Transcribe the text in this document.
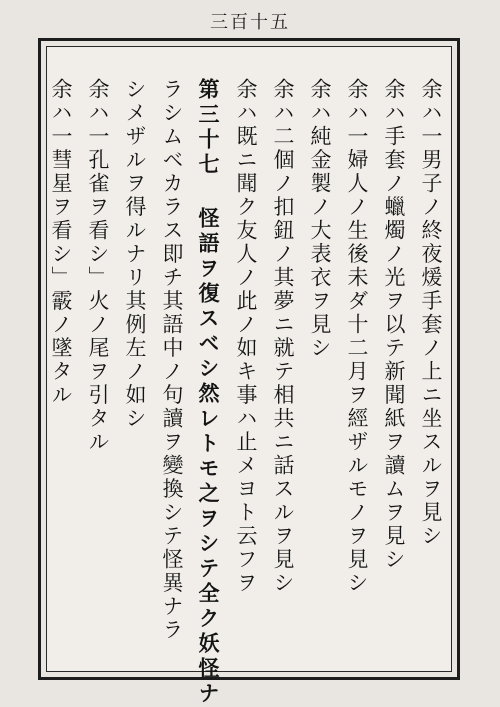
三百十五
余ハ一男子ノ終夜煖手套ノ上ニ坐スルヲ見シ
余ハ手套ノ蠟燭ノ光ヲ以テ新聞紙ヲ讀ムヲ見シ
余ハ一婦人ノ生後未ダ十二月ヲ經ザルモノヲ見シ
余ハ純金製ノ大表衣ヲ見シ
余ハ二個ノ扣鈕ノ其夢ニ就テ相共ニ話スルヲ見シ
余ハ既ニ聞ク友人ノ此ノ如キ事ハ止メヨト云フヲ
第三十七 怪語ヲ復スベシ然レトモ之ヲシテ全ク妖怪ナ
ラシムベカラス即チ其語中ノ句讀ヲ變換シテ怪異ナラ
シメザルヲ得ルナリ其例左ノ如シ
余ハ一孔雀ヲ看シ」火ノ尾ヲ引タル
余ハ一彗星ヲ看シ」霰ノ墜タル
